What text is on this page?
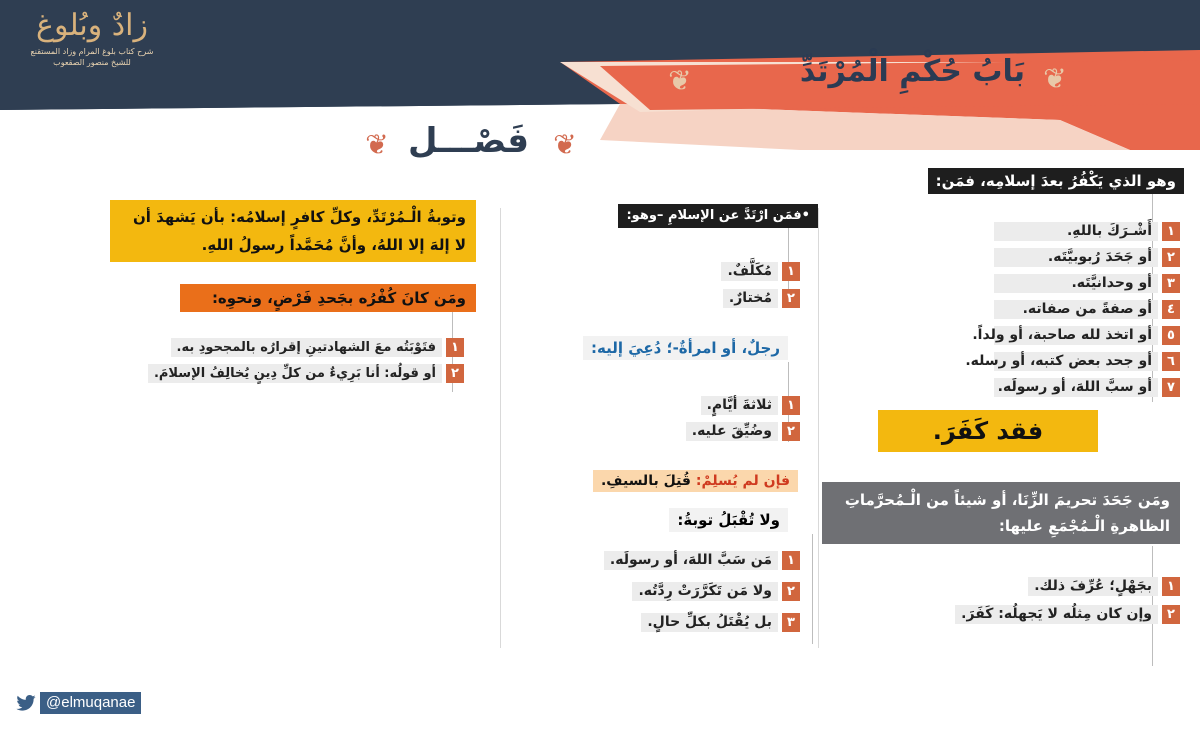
زادٌ وبُلوغ
شرح كتاب بلوغ المرام وزاد المستقنع
للشيخ منصور الصقعوب
❦	بَابُ حُكْمِ الْمُرْتَدِّ ❦
❦ فَصْـــل ❦
وهو الذي يَكْفُرُ بعدَ إسلامِه، فمَن:
١
أَشْـرَكَ باللهِ.
٢
أو جَحَدَ رُبوبيَّتَه.
٣
أو وحدانيَّتَه.
٤
أو صفةً من صفاته.
٥
أو اتخذ لله صاحبة، أو ولداً.
٦
أو جحد بعض كتبه، أو رسله.
٧
أو سبَّ اللهَ، أو رسولَه.
فقد كَفَرَ.
ومَن جَحَدَ تحريمَ الزِّنَا، أو شيئاً من الْـمُحرَّماتِ
الظاهرةِ الْـمُجْمَعِ عليها:
١
بجَهْلٍ؛ عُرِّفَ ذلك.
٢
وإن كان مِثلُه لا يَجهلُه: كَفَرَ.
•فمَن ارْتَدَّ عن الإسلامِ –وهو:
١
مُكَلَّفٌ.
٢
مُختارٌ.
رجلٌ، أو امرأةٌ-؛ دُعِيَ إليه:
١
ثلاثةَ أيَّامٍ.
٢
وضُيِّقَ عليه.
فإن لم يُسلِمْ: قُتِلَ بالسيفِ.
ولا تُقْبَلُ توبةُ:
١
مَن سَبَّ اللهَ، أو رسولَه.
٢
ولا مَن تَكَرَّرَتْ رِدَّتُه.
٣
بل يُقْتَلُ بكلِّ حالٍ.
وتوبةُ الْـمُرْتَدِّ، وكلِّ كافرٍ إسلامُه: بأن يَشهدَ أن
لا إلهَ إلا اللهُ، وأنَّ مُحَمَّداً رسولُ اللهِ.
ومَن كانَ كُفْرُه بجَحدِ فَرْضٍ، ونحوِه:
١
فتَوْبَتُه معَ الشهادتينِ إقرارُه بالمجحودِ به.
٢
أو قولُه: أنا بَرِيءٌ من كلِّ دِينٍ يُخالِفُ الإسلامَ.
@elmuqanae
